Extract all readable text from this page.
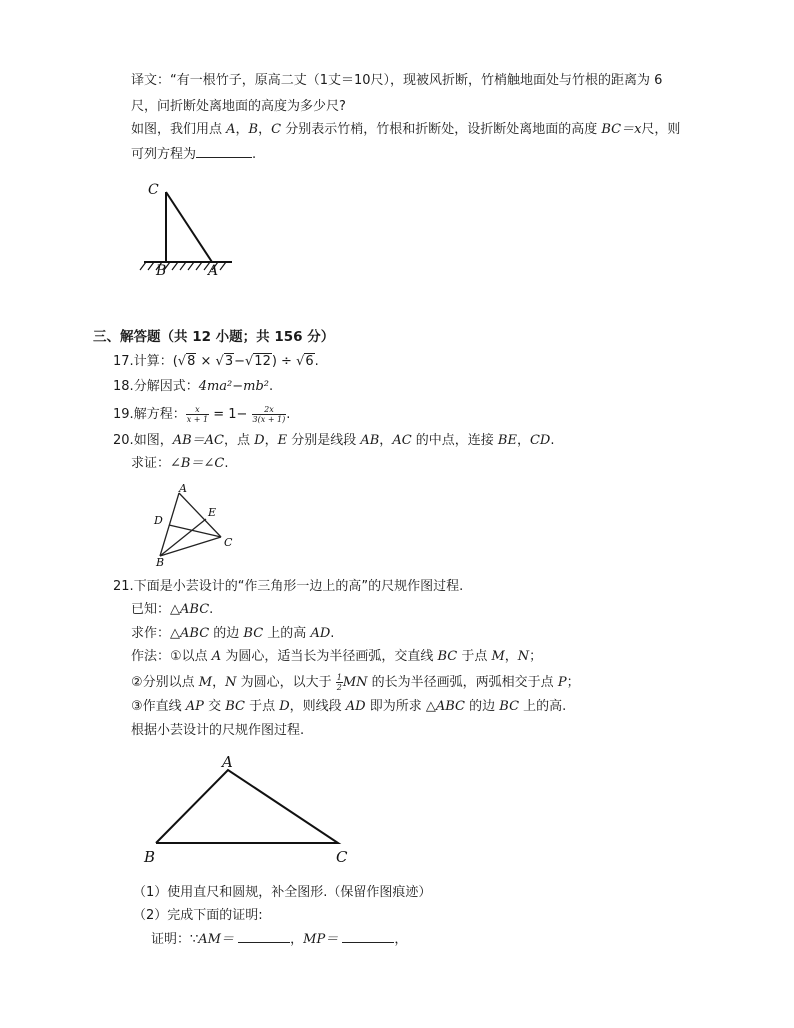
译文：“有一根竹子，原高二丈（1丈＝10尺），现被风折断，竹梢触地面处与竹根的距离为 6
尺，问折断处离地面的高度为多少尺?
如图，我们用点 A，B，C 分别表示竹梢，竹根和折断处，设折断处离地面的高度 BC＝x尺，则
可列方程为	.
C
B	A
三、解答题（共 12 小题；共 156 分）
17.计算：(√8 × √3−√12) ÷ √6.
18.分解因式：4ma²−mb².
19.解方程： $\frac{x}{x + 1} = 1- \frac{2x}{3(x + 1)}$ .
20.如图，AB＝AC，点 D，E 分别是线段 AB，AC 的中点，连接 BE，CD.
求证：∠B＝∠C.
A
B
C
D
E
21.下面是小芸设计的“作三角形一边上的高”的尺规作图过程.
已知：△ABC.
求作：△ABC 的边 BC 上的高 AD.
作法：①以点 A 为圆心，适当长为半径画弧，交直线 BC 于点 M，N；
②分别以点 M，N 为圆心，以大于 $\frac{1}{2}$ MN 的长为半径画弧，两弧相交于点 P；
③作直线 AP 交 BC 于点 D，则线段 AD 即为所求 △ABC 的边 BC 上的高.
根据小芸设计的尺规作图过程.
A
B	C
（1）使用直尺和圆规，补全图形.（保留作图痕迹）
（2）完成下面的证明:
证明：∵AM＝	，MP＝	，
